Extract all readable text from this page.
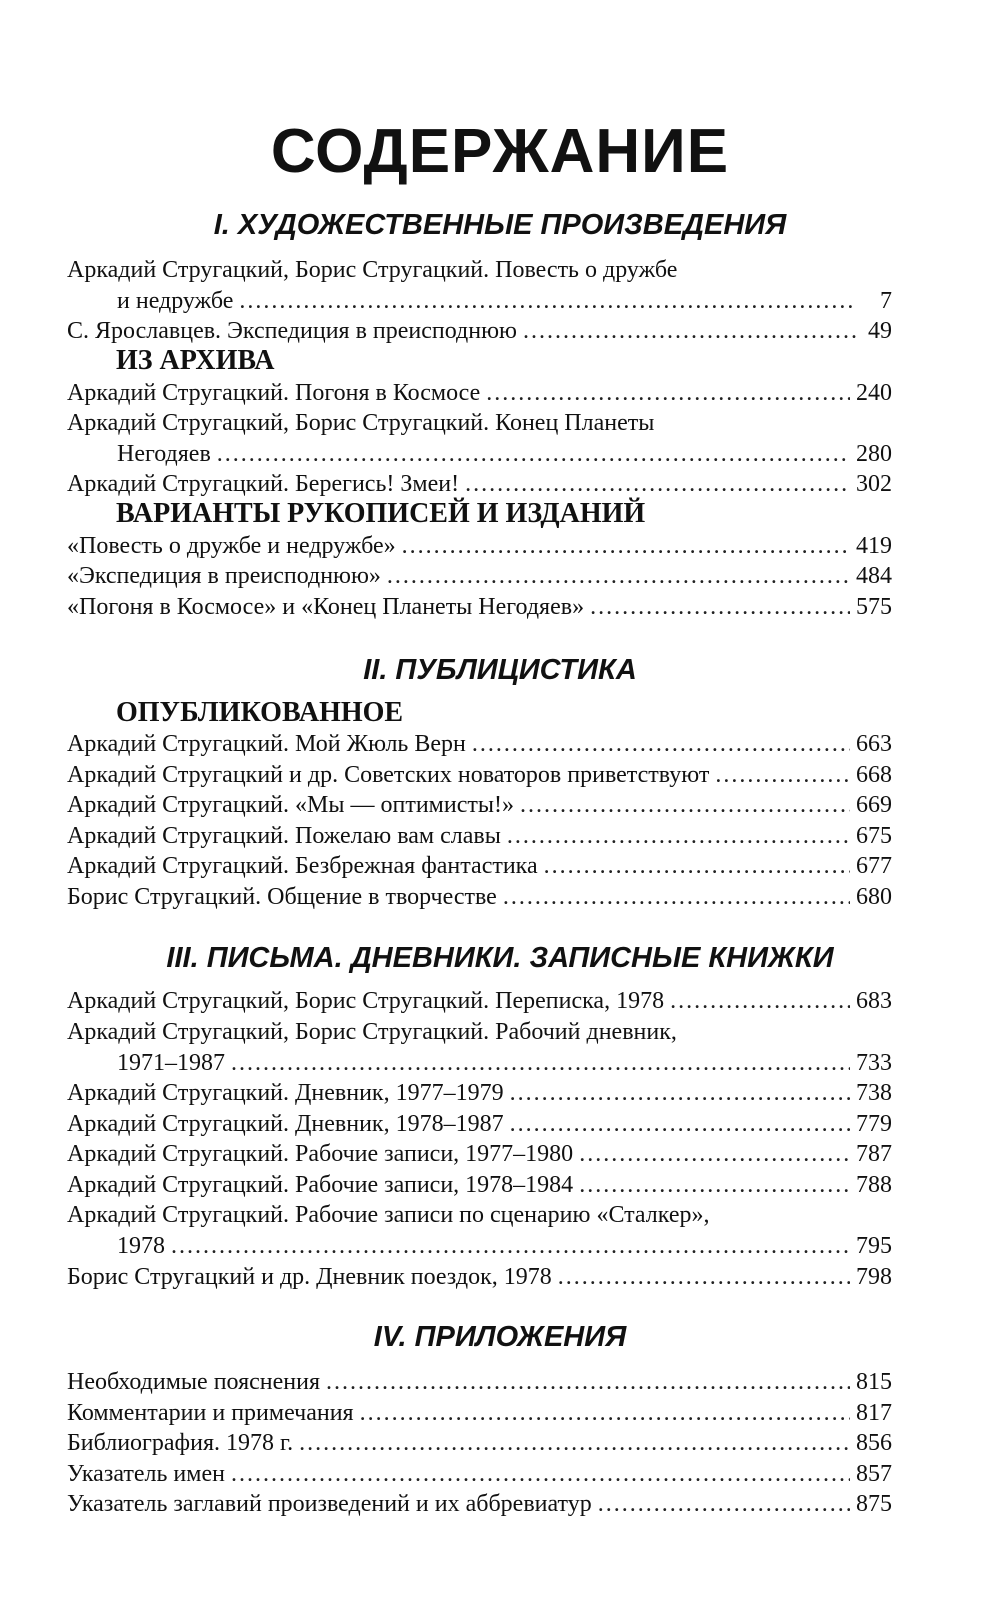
СОДЕРЖАНИЕ
I. ХУДОЖЕСТВЕННЫЕ ПРОИЗВЕДЕНИЯ
Аркадий Стругацкий, Борис Стругацкий. Повесть о дружбе
и недружбе .....	7
С. Ярославцев. Экспедиция в преисподнюю .....	49
ИЗ АРХИВА
Аркадий Стругацкий. Погоня в Космосе .....	240
Аркадий Стругацкий, Борис Стругацкий. Конец Планеты
Негодяев .....	280
Аркадий Стругацкий. Берегись! Змеи! .....	302
ВАРИАНТЫ РУКОПИСЕЙ И ИЗДАНИЙ
«Повесть о дружбе и недружбе» .....	419
«Экспедиция в преисподнюю» .....	484
«Погоня в Космосе» и «Конец Планеты Негодяев» .....	575
II. ПУБЛИЦИСТИКА
ОПУБЛИКОВАННОЕ
Аркадий Стругацкий. Мой Жюль Верн .....	663
Аркадий Стругацкий и др. Советских новаторов приветствуют .....	668
Аркадий Стругацкий. «Мы — оптимисты!» .....	669
Аркадий Стругацкий. Пожелаю вам славы .....	675
Аркадий Стругацкий. Безбрежная фантастика .....	677
Борис Стругацкий. Общение в творчестве .....	680
III. ПИСЬМА. ДНЕВНИКИ. ЗАПИСНЫЕ КНИЖКИ
Аркадий Стругацкий, Борис Стругацкий. Переписка, 1978 .....	683
Аркадий Стругацкий, Борис Стругацкий. Рабочий дневник,
1971–1987 .....	733
Аркадий Стругацкий. Дневник, 1977–1979 .....	738
Аркадий Стругацкий. Дневник, 1978–1987 .....	779
Аркадий Стругацкий. Рабочие записи, 1977–1980 .....	787
Аркадий Стругацкий. Рабочие записи, 1978–1984 .....	788
Аркадий Стругацкий. Рабочие записи по сценарию «Сталкер»,
1978 .....	795
Борис Стругацкий и др. Дневник поездок, 1978 .....	798
IV. ПРИЛОЖЕНИЯ
Необходимые пояснения .....	815
Комментарии и примечания .....	817
Библиография. 1978 г. .....	856
Указатель имен .....	857
Указатель заглавий произведений и их аббревиатур .....	875
